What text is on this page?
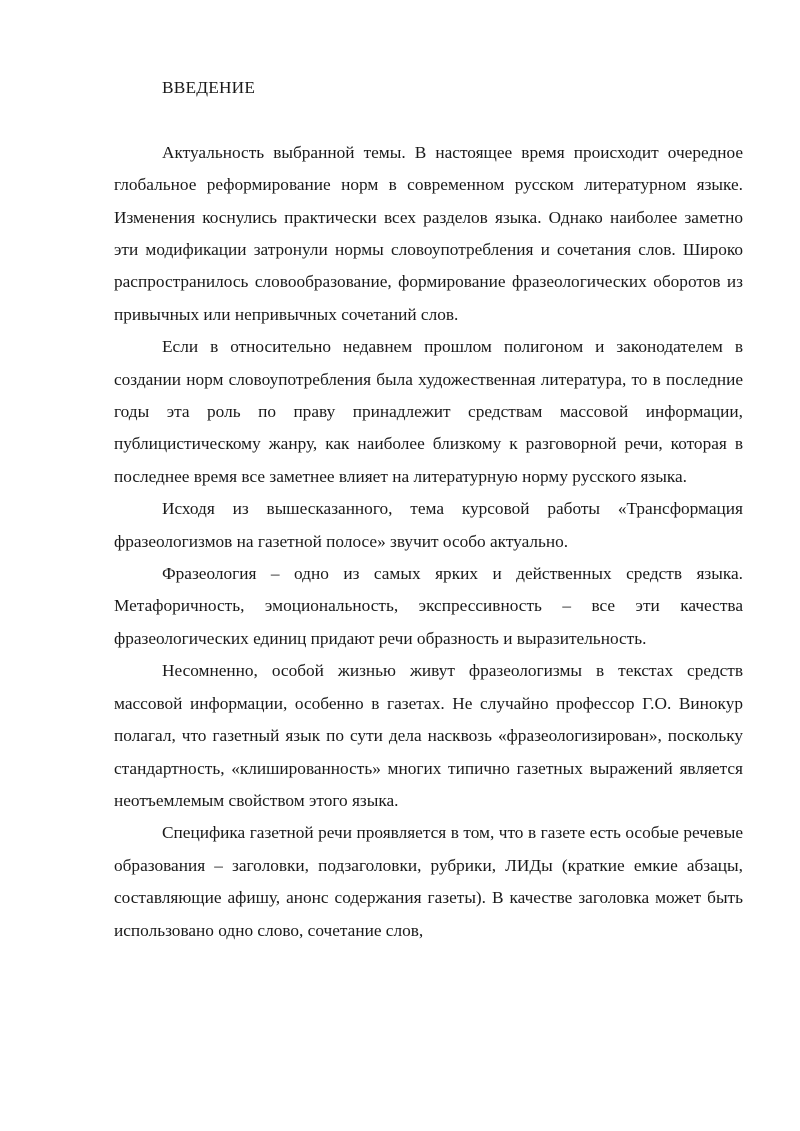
ВВЕДЕНИЕ

Актуальность выбранной темы. В настоящее время происходит очередное глобальное реформирование норм в современном русском литературном языке. Изменения коснулись практически всех разделов языка. Однако наиболее заметно эти модификации затронули нормы словоупотребления и сочетания слов. Широко распространилось словообразование, формирование фразеологических оборотов из привычных или непривычных сочетаний слов.

Если в относительно недавнем прошлом полигоном и законодателем в создании норм словоупотребления была художественная литература, то в последние годы эта роль по праву принадлежит средствам массовой информации, публицистическому жанру, как наиболее близкому к разговорной речи, которая в последнее время все заметнее влияет на литературную норму русского языка.

Исходя из вышесказанного, тема курсовой работы «Трансформация фразеологизмов на газетной полосе» звучит особо актуально.

Фразеология – одно из самых ярких и действенных средств языка. Метафоричность, эмоциональность, экспрессивность – все эти качества фразеологических единиц придают речи образность и выразительность.

Несомненно, особой жизнью живут фразеологизмы в текстах средств массовой информации, особенно в газетах. Не случайно профессор Г.О. Винокур полагал, что газетный язык по сути дела насквозь «фразеологизирован», поскольку стандартность, «клишированность» многих типично газетных выражений является неотъемлемым свойством этого языка.

Специфика газетной речи проявляется в том, что в газете есть особые речевые образования – заголовки, подзаголовки, рубрики, ЛИДы (краткие емкие абзацы, составляющие афишу, анонс содержания газеты). В качестве заголовка может быть использовано одно слово, сочетание слов,
